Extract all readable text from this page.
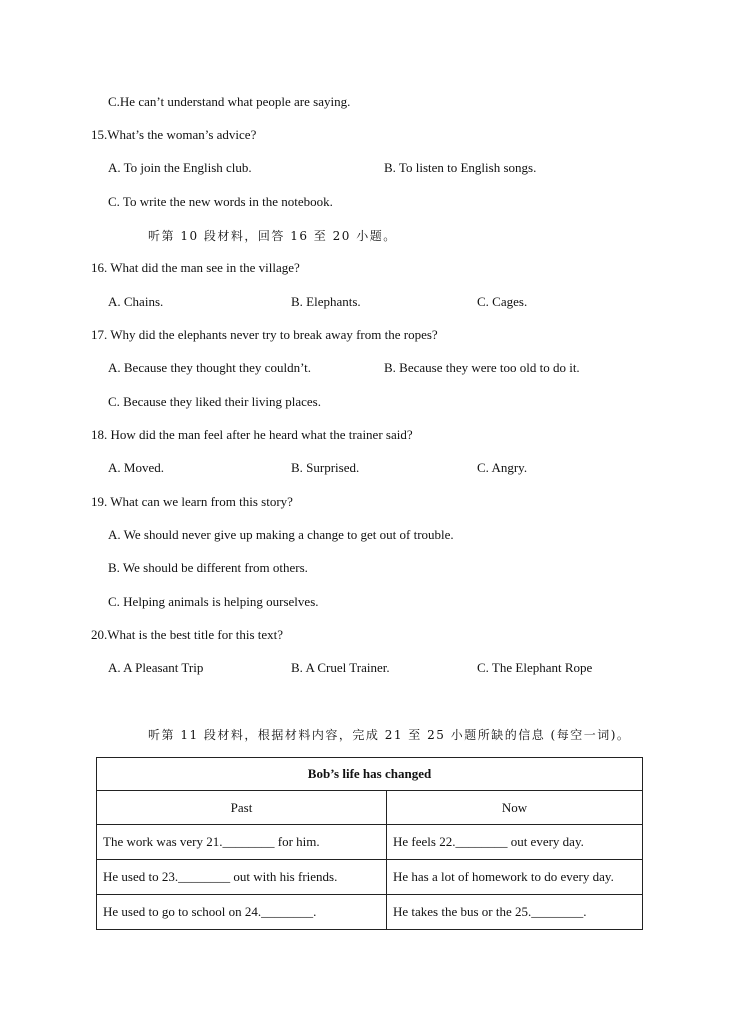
C.He can’t understand what people are saying.
15.What’s the woman’s advice?
A. To join the English club.	B. To listen to English songs.
C. To write the new words in the notebook.
听第 10 段材料，回答 16 至 20 小题。
16. What did the man see in the village?
A. Chains.	B. Elephants.	C. Cages.
17. Why did the elephants never try to break away from the ropes?
A. Because they thought they couldn’t.	B. Because they were too old to do it.
C. Because they liked their living places.
18. How did the man feel after he heard what the trainer said?
A. Moved.	B. Surprised.	C. Angry.
19. What can we learn from this story?
A. We should never give up making a change to get out of trouble.
B. We should be different from others.
C. Helping animals is helping ourselves.
20.What is the best title for this text?
A. A Pleasant Trip	B. A Cruel Trainer.	C. The Elephant Rope
听第 11 段材料，根据材料内容，完成 21 至 25 小题所缺的信息 (每空一词)。
Bob’s life has changed	
Past	Now
The work was very 21.________ for him.	He feels 22.________ out every day.
He used to 23.________ out with his friends.	He has a lot of homework to do every day.
He used to go to school on 24.________.	He takes the bus or the 25.________.
